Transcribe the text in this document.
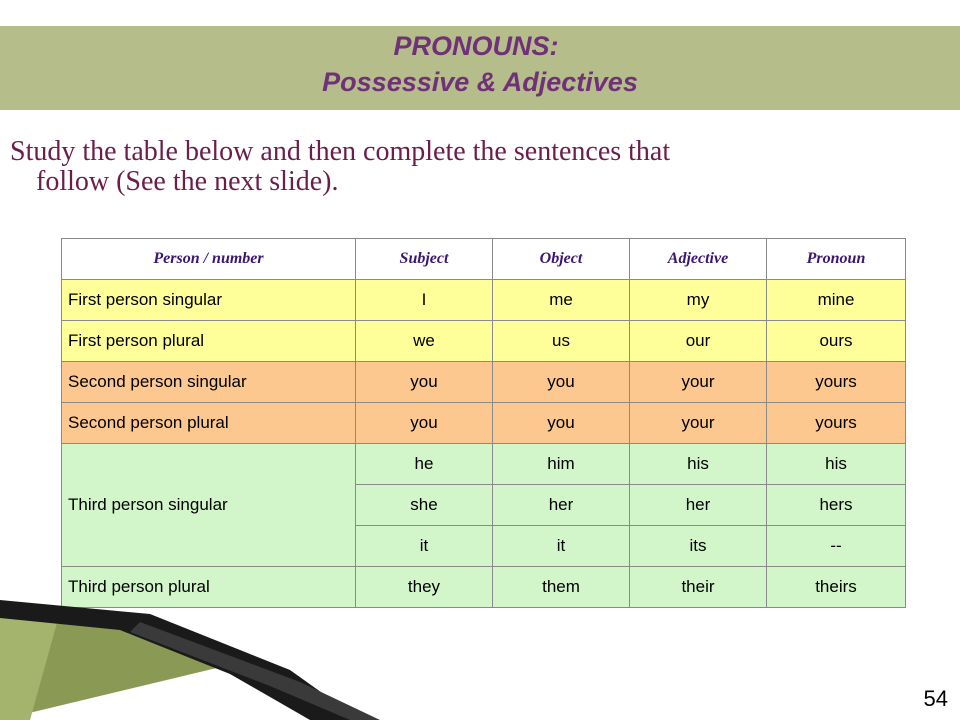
PRONOUNS:
Possessive & Adjectives
Study the table below and then complete the sentences that
follow (See the next slide).
Person / number	Subject	Object	Adjective	Pronoun
First person singular	I	me	my	mine
First person plural	we	us	our	ours
Second person singular	you	you	your	yours
Second person plural	you	you	your	yours
Third person singular	he	him	his	his
	she	her	her	hers
	it	it	its	--
Third person plural	they	them	their	theirs
54
